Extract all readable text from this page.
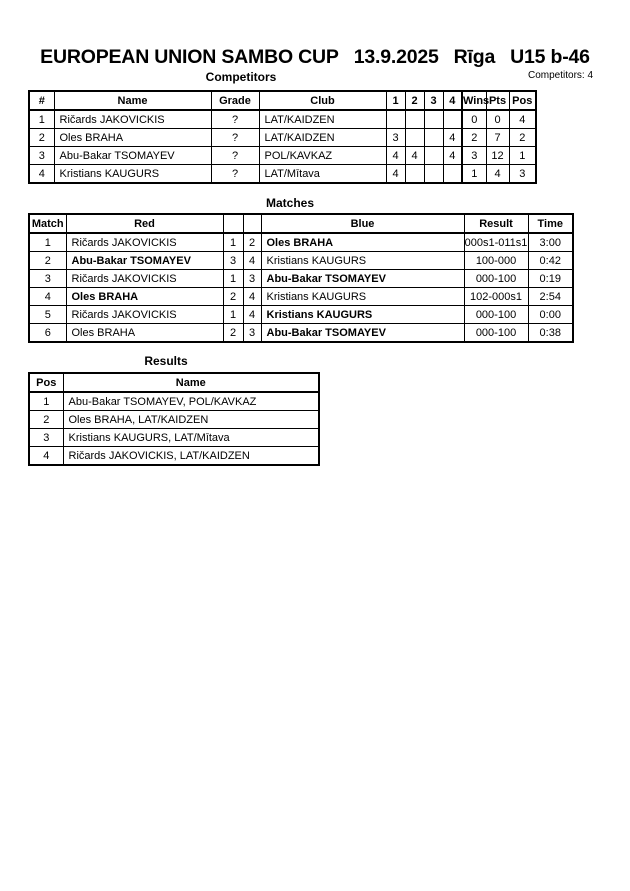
EUROPEAN UNION SAMBO CUP 13.9.2025 Rīga U15 b-46
Competitors	Competitors: 4
#	Name	Grade	Club	1	2	3	4	Wins	Pts	Pos
1	Ričards JAKOVICKIS	?	LAT/KAIDZEN					0	0	4
2	Oles BRAHA	?	LAT/KAIDZEN	3			4	2	7	2
3	Abu-Bakar TSOMAYEV	?	POL/KAVKAZ	4	4		4	3	12	1
4	Kristians KAUGURS	?	LAT/Mītava	4				1	4	3
Matches
Match	Red			Blue	Result	Time
1	Ričards JAKOVICKIS	1	2	Oles BRAHA	000s1-011s1	3:00
2	Abu-Bakar TSOMAYEV	3	4	Kristians KAUGURS	100-000	0:42
3	Ričards JAKOVICKIS	1	3	Abu-Bakar TSOMAYEV	000-100	0:19
4	Oles BRAHA	2	4	Kristians KAUGURS	102-000s1	2:54
5	Ričards JAKOVICKIS	1	4	Kristians KAUGURS	000-100	0:00
6	Oles BRAHA	2	3	Abu-Bakar TSOMAYEV	000-100	0:38
Results
Pos	Name
1	Abu-Bakar TSOMAYEV, POL/KAVKAZ
2	Oles BRAHA, LAT/KAIDZEN
3	Kristians KAUGURS, LAT/Mītava
4	Ričards JAKOVICKIS, LAT/KAIDZEN
